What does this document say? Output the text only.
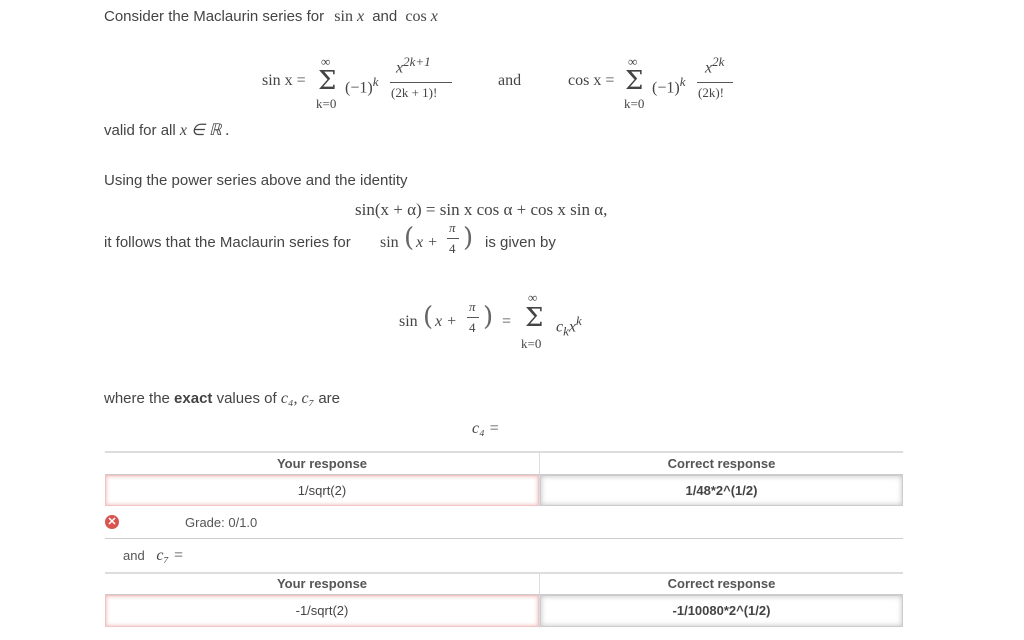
Consider the Maclaurin series for sin x and cos x
sin x =
∞
Σ
k=0
$(-1)^k$
$x^{2k+1}$
(2k + 1)!
and	cos x =
∞
Σ
k=0
$(-1)^k$
$x^{2k}$
(2k)!
valid for all x ∈ ℝ .
Using the power series above and the identity
sin(x + α) = sin x cos α + cos x sin α,
it follows that the Maclaurin series for sin ( x +
π
4 ) is given by
sin ( x +
π
4 ) =
∞
Σ
k=0
$c_kx^k$
where the exact values of c₄, c₇ are
c₄ =
Your response	Correct response
1/sqrt(2)	1/48*2^(1/2)
✕	Grade: 0/1.0
and c₇ =
Your response	Correct response
-1/sqrt(2)	-1/10080*2^(1/2)
